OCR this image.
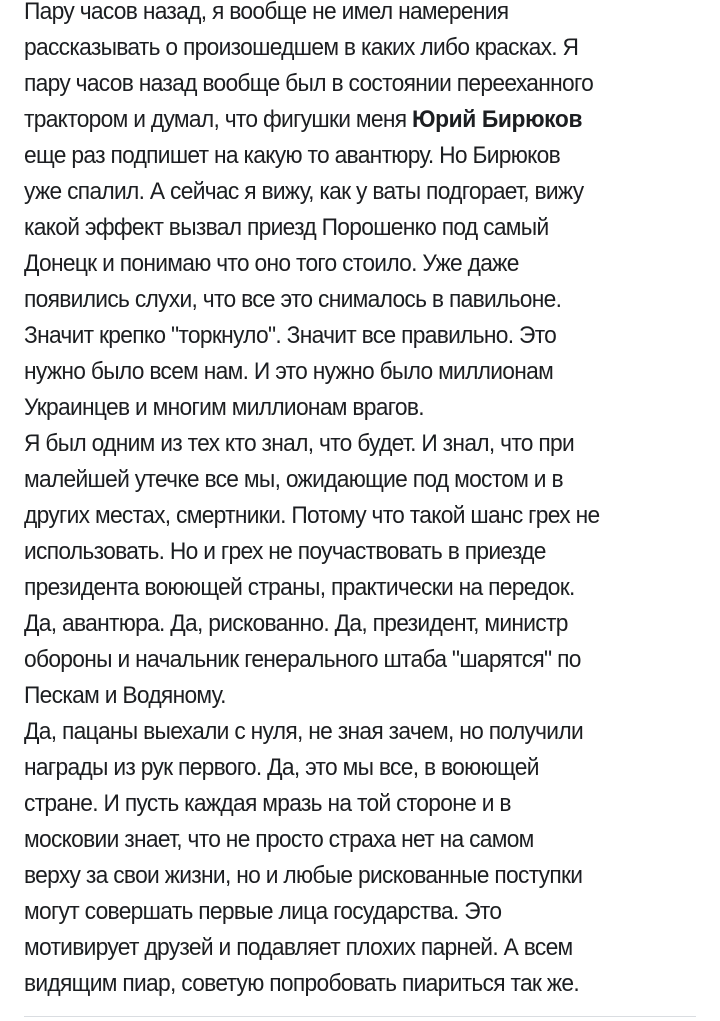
Пару часов назад, я вообще не имел намерения
рассказывать о произошедшем в каких либо красках. Я
пару часов назад вообще был в состоянии перееханного
трактором и думал, что фигушки меня Юрий Бирюков
еще раз подпишет на какую то авантюру. Но Бирюков
уже спалил. А сейчас я вижу, как у ваты подгорает, вижу
какой эффект вызвал приезд Порошенко под самый
Донецк и понимаю что оно того стоило. Уже даже
появились слухи, что все это снималось в павильоне.
Значит крепко "торкнуло". Значит все правильно. Это
нужно было всем нам. И это нужно было миллионам
Украинцев и многим миллионам врагов.
Я был одним из тех кто знал, что будет. И знал, что при
малейшей утечке все мы, ожидающие под мостом и в
других местах, смертники. Потому что такой шанс грех не
использовать. Но и грех не поучаствовать в приезде
президента воюющей страны, практически на передок.
Да, авантюра. Да, рискованно. Да, президент, министр
обороны и начальник генерального штаба "шарятся" по
Пескам и Водяному.
Да, пацаны выехали с нуля, не зная зачем, но получили
награды из рук первого. Да, это мы все, в воюющей
стране. И пусть каждая мразь на той стороне и в
московии знает, что не просто страха нет на самом
верху за свои жизни, но и любые рискованные поступки
могут совершать первые лица государства. Это
мотивирует друзей и подавляет плохих парней. А всем
видящим пиар, советую попробовать пиариться так же.
